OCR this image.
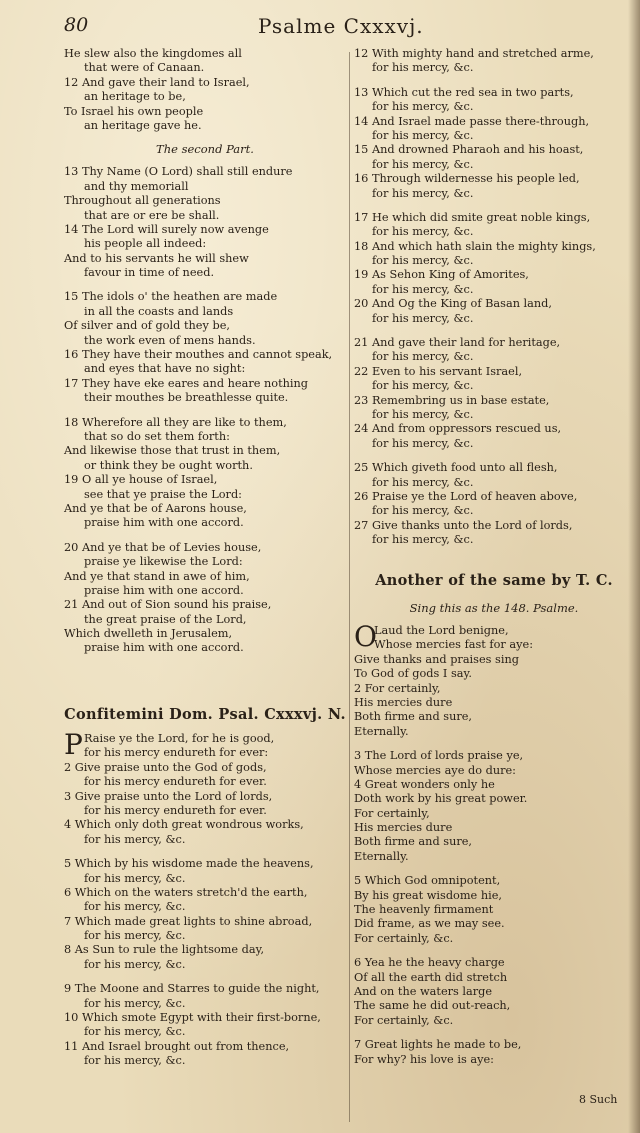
80	Psalme Cxxxvj.
He slew also the kingdomes all
that were of Canaan.
12 And gave their land to Israel,
an heritage to be,
To Israel his own people
an heritage gave he.
The second Part.
13 Thy Name (O Lord) shall still endure
and thy memoriall
Throughout all generations
that are or ere be shall.
14 The Lord will surely now avenge
his people all indeed:
And to his servants he will shew
favour in time of need.
15 The idols o' the heathen are made
in all the coasts and lands
Of silver and of gold they be,
the work even of mens hands.
16 They have their mouthes and cannot speak,
and eyes that have no sight:
17 They have eke eares and heare nothing
their mouthes be breathlesse quite.
18 Wherefore all they are like to them,
that so do set them forth:
And likewise those that trust in them,
or think they be ought worth.
19 O all ye house of Israel,
see that ye praise the Lord:
And ye that be of Aarons house,
praise him with one accord.
20 And ye that be of Levies house,
praise ye likewise the Lord:
And ye that stand in awe of him,
praise him with one accord.
21 And out of Sion sound his praise,
the great praise of the Lord,
Which dwelleth in Jerusalem,
praise him with one accord.
Confitemini Dom. Psal. Cxxxvj. N.
P Raise ye the Lord, for he is good,
for his mercy endureth for ever:
2 Give praise unto the God of gods,
for his mercy endureth for ever.
3 Give praise unto the Lord of lords,
for his mercy endureth for ever.
4 Which only doth great wondrous works,
for his mercy, &c.
5 Which by his wisdome made the heavens,
for his mercy, &c.
6 Which on the waters stretch'd the earth,
for his mercy, &c.
7 Which made great lights to shine abroad,
for his mercy, &c.
8 As Sun to rule the lightsome day,
for his mercy, &c.
9 The Moone and Starres to guide the night,
for his mercy, &c.
10 Which smote Egypt with their first-borne,
for his mercy, &c.
11 And Israel brought out from thence,
for his mercy, &c.
12 With mighty hand and stretched arme,
for his mercy, &c.
13 Which cut the red sea in two parts,
for his mercy, &c.
14 And Israel made passe there-through,
for his mercy, &c.
15 And drowned Pharaoh and his hoast,
for his mercy, &c.
16 Through wildernesse his people led,
for his mercy, &c.
17 He which did smite great noble kings,
for his mercy, &c.
18 And which hath slain the mighty kings,
for his mercy, &c.
19 As Sehon King of Amorites,
for his mercy, &c.
20 And Og the King of Basan land,
for his mercy, &c.
21 And gave their land for heritage,
for his mercy, &c.
22 Even to his servant Israel,
for his mercy, &c.
23 Remembring us in base estate,
for his mercy, &c.
24 And from oppressors rescued us,
for his mercy, &c.
25 Which giveth food unto all flesh,
for his mercy, &c.
26 Praise ye the Lord of heaven above,
for his mercy, &c.
27 Give thanks unto the Lord of lords,
for his mercy, &c.
Another of the same by T. C.
Sing this as the 148. Psalme.
O
Laud the Lord benigne,
Whose mercies fast for aye:
Give thanks and praises sing
To God of gods I say.
2 For certainly,
His mercies dure
Both firme and sure,
Eternally.
3 The Lord of lords praise ye,
Whose mercies aye do dure:
4 Great wonders only he
Doth work by his great power.
For certainly,
His mercies dure
Both firme and sure,
Eternally.
5 Which God omnipotent,
By his great wisdome hie,
The heavenly firmament
Did frame, as we may see.
For certainly, &c.
6 Yea he the heavy charge
Of all the earth did stretch
And on the waters large
The same he did out-reach,
For certainly, &c.
7 Great lights he made to be,
For why? his love is aye:
8 Such
